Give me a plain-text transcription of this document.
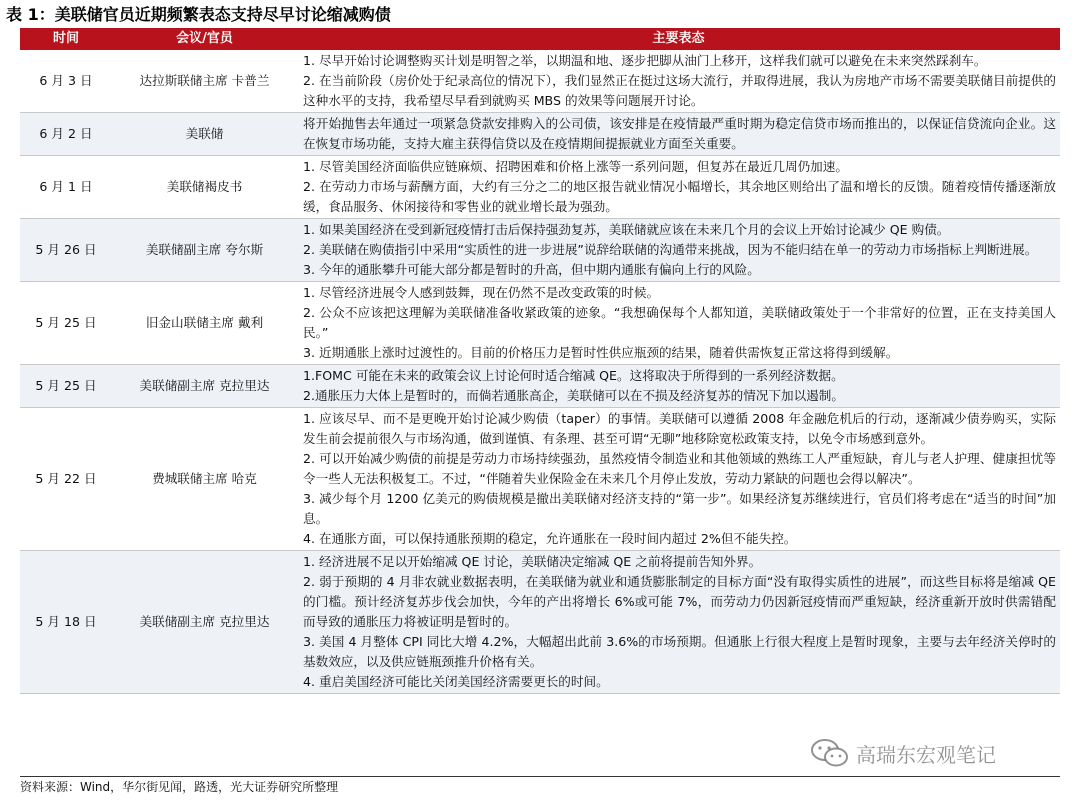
表 1：美联储官员近期频繁表态支持尽早讨论缩减购债
时间	会议/官员	主要表态
6 月 3 日	达拉斯联储主席 卡普兰	1. 尽早开始讨论调整购买计划是明智之举，以期温和地、逐步把脚从油门上移开，这样我们就可以避免在未来突然踩刹车。
2. 在当前阶段（房价处于纪录高位的情况下），我们显然正在挺过这场大流行，并取得进展，我认为房地产市场不需要美联储目前提供的这种水平的支持，我希望尽早看到就购买 MBS 的效果等问题展开讨论。

6 月 2 日	美联储	将开始抛售去年通过一项紧急贷款安排购入的公司债，该安排是在疫情最严重时期为稳定信贷市场而推出的，以保证信贷流向企业。这在恢复市场功能，支持大雇主获得信贷以及在疫情期间提振就业方面至关重要。

6 月 1 日	美联储褐皮书	1. 尽管美国经济面临供应链麻烦、招聘困难和价格上涨等一系列问题，但复苏在最近几周仍加速。
2. 在劳动力市场与薪酬方面，大约有三分之二的地区报告就业情况小幅增长，其余地区则给出了温和增长的反馈。随着疫情传播逐渐放缓，食品服务、休闲接待和零售业的就业增长最为强劲。

5 月 26 日	美联储副主席 夸尔斯	1. 如果美国经济在受到新冠疫情打击后保持强劲复苏，美联储就应该在未来几个月的会议上开始讨论减少 QE 购债。
2. 美联储在购债指引中采用“实质性的进一步进展”说辞给联储的沟通带来挑战，因为不能归结在单一的劳动力市场指标上判断进展。
3. 今年的通胀攀升可能大部分都是暂时的升高，但中期内通胀有偏向上行的风险。

5 月 25 日	旧金山联储主席 戴利	1. 尽管经济进展令人感到鼓舞，现在仍然不是改变政策的时候。
2. 公众不应该把这理解为美联储准备收紧政策的迹象。“我想确保每个人都知道，美联储政策处于一个非常好的位置，正在支持美国人民。”
3. 近期通胀上涨时过渡性的。目前的价格压力是暂时性供应瓶颈的结果，随着供需恢复正常这将得到缓解。

5 月 25 日	美联储副主席 克拉里达	1.FOMC 可能在未来的政策会议上讨论何时适合缩减 QE。这将取决于所得到的一系列经济数据。
2.通胀压力大体上是暂时的，而倘若通胀高企，美联储可以在不损及经济复苏的情况下加以遏制。

5 月 22 日	费城联储主席 哈克	1. 应该尽早、而不是更晚开始讨论减少购债（taper）的事情。美联储可以遵循 2008 年金融危机后的行动，逐渐减少债券购买，实际发生前会提前很久与市场沟通，做到谨慎、有条理、甚至可谓“无聊”地移除宽松政策支持，以免令市场感到意外。
2. 可以开始减少购债的前提是劳动力市场持续强劲，虽然疫情令制造业和其他领域的熟练工人严重短缺，育儿与老人护理、健康担忧等令一些人无法积极复工。不过，“伴随着失业保险金在未来几个月停止发放，劳动力紧缺的问题也会得以解决”。
3. 减少每个月 1200 亿美元的购债规模是撤出美联储对经济支持的“第一步”。如果经济复苏继续进行，官员们将考虑在“适当的时间”加息。
4. 在通胀方面，可以保持通胀预期的稳定，允许通胀在一段时间内超过 2%但不能失控。

5 月 18 日	美联储副主席 克拉里达	1. 经济进展不足以开始缩减 QE 讨论，美联储决定缩减 QE 之前将提前告知外界。
2. 弱于预期的 4 月非农就业数据表明，在美联储为就业和通货膨胀制定的目标方面“没有取得实质性的进展”，而这些目标将是缩减 QE 的门槛。预计经济复苏步伐会加快，今年的产出将增长 6%或可能 7%，而劳动力仍因新冠疫情而严重短缺，经济重新开放时供需错配而导致的通胀压力将被证明是暂时的。
3. 美国 4 月整体 CPI 同比大增 4.2%，大幅超出此前 3.6%的市场预期。但通胀上行很大程度上是暂时现象，主要与去年经济关停时的基数效应，以及供应链瓶颈推升价格有关。
4. 重启美国经济可能比关闭美国经济需要更长的时间。
资料来源：Wind，华尔街见闻，路透，光大证券研究所整理
高瑞东宏观笔记
